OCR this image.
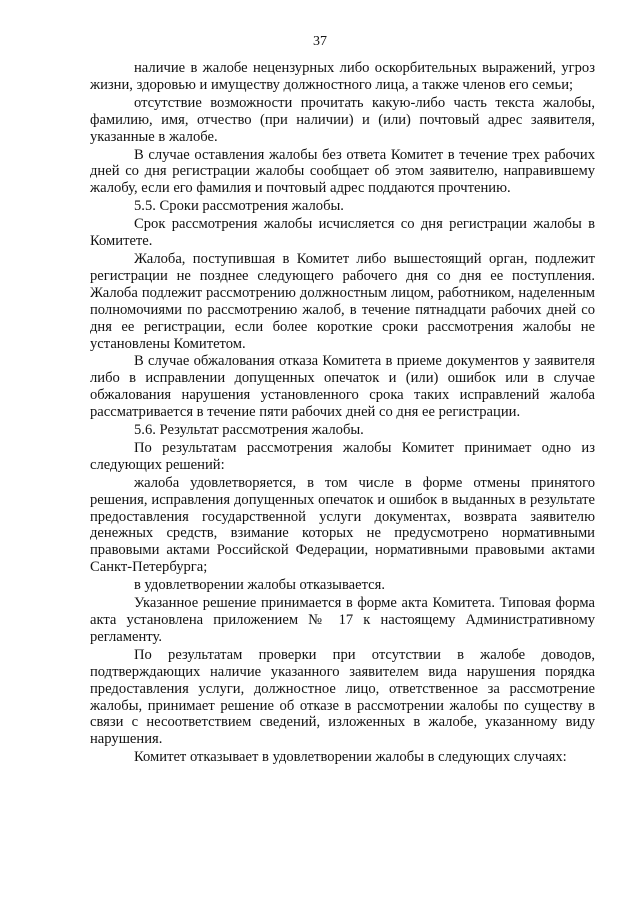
37

наличие в жалобе нецензурных либо оскорбительных выражений, угроз жизни, здоровью и имуществу должностного лица, а также членов его семьи;

отсутствие возможности прочитать какую-либо часть текста жалобы, фамилию, имя, отчество (при наличии) и (или) почтовый адрес заявителя, указанные в жалобе.

В случае оставления жалобы без ответа Комитет в течение трех рабочих дней со дня регистрации жалобы сообщает об этом заявителю, направившему жалобу, если его фамилия и почтовый адрес поддаются прочтению.

5.5. Сроки рассмотрения жалобы.

Срок рассмотрения жалобы исчисляется со дня регистрации жалобы в Комитете.

Жалоба, поступившая в Комитет либо вышестоящий орган, подлежит регистрации не позднее следующего рабочего дня со дня ее поступления. Жалоба подлежит рассмотрению должностным лицом, работником, наделенным полномочиями по рассмотрению жалоб, в течение пятнадцати рабочих дней со дня ее регистрации, если более короткие сроки рассмотрения жалобы не установлены Комитетом.

В случае обжалования отказа Комитета в приеме документов у заявителя либо в исправлении допущенных опечаток и (или) ошибок или в случае обжалования нарушения установленного срока таких исправлений жалоба рассматривается в течение пяти рабочих дней со дня ее регистрации.

5.6. Результат рассмотрения жалобы.

По результатам рассмотрения жалобы Комитет принимает одно из следующих решений:

жалоба удовлетворяется, в том числе в форме отмены принятого решения, исправления допущенных опечаток и ошибок в выданных в результате предоставления государственной услуги документах, возврата заявителю денежных средств, взимание которых не предусмотрено нормативными правовыми актами Российской Федерации, нормативными правовыми актами Санкт-Петербурга;

в удовлетворении жалобы отказывается.

Указанное решение принимается в форме акта Комитета. Типовая форма акта установлена приложением № 17 к настоящему Административному регламенту.

По результатам проверки при отсутствии в жалобе доводов, подтверждающих наличие указанного заявителем вида нарушения порядка предоставления услуги, должностное лицо, ответственное за рассмотрение жалобы, принимает решение об отказе в рассмотрении жалобы по существу в связи с несоответствием сведений, изложенных в жалобе, указанному виду нарушения.

Комитет отказывает в удовлетворении жалобы в следующих случаях:
